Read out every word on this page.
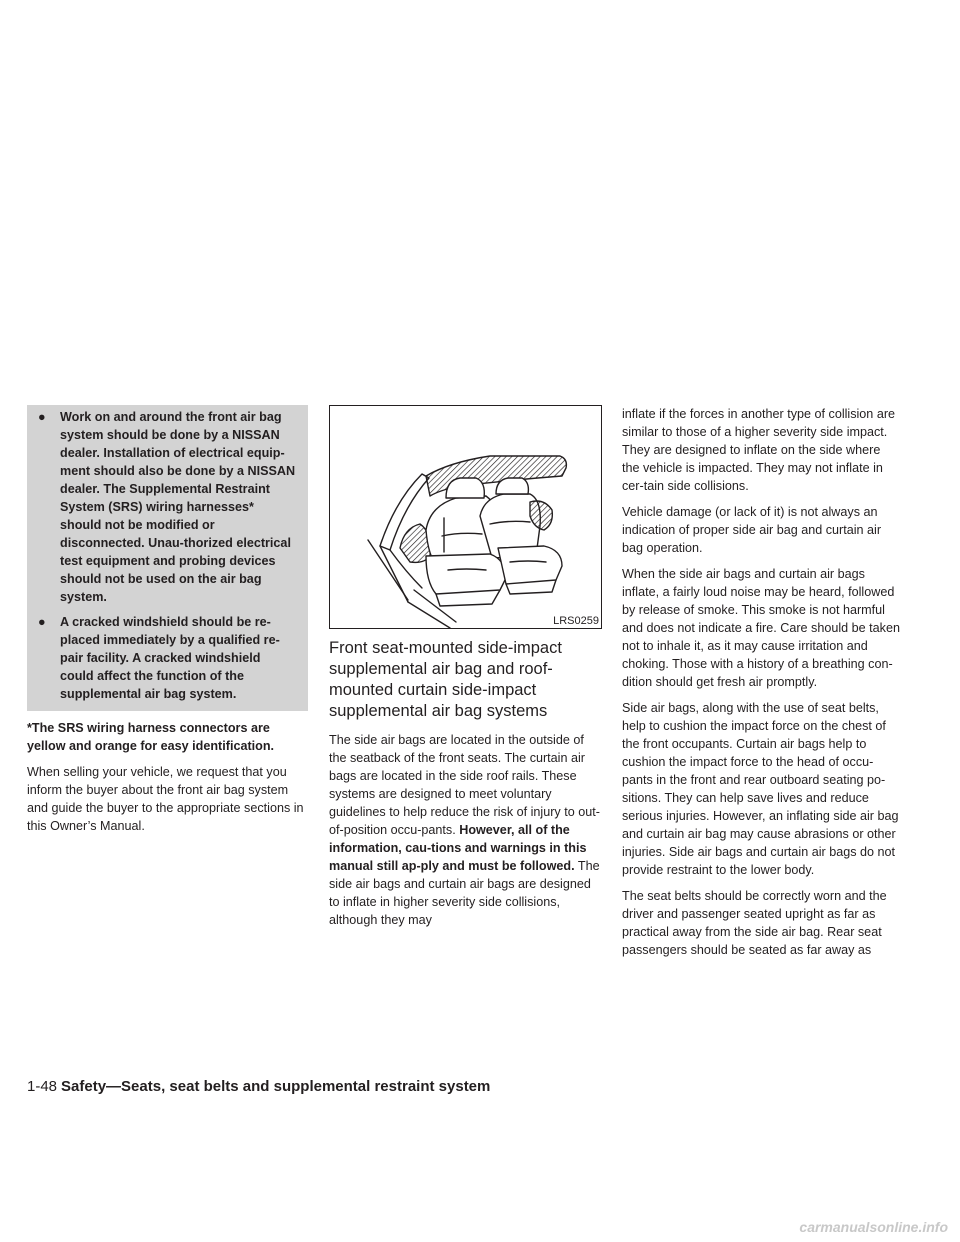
●	Work on and around the front air bag system should be done by a NISSAN dealer. Installation of electrical equip-ment should also be done by a NISSAN dealer. The Supplemental Restraint System (SRS) wiring harnesses* should not be modified or disconnected. Unau-thorized electrical test equipment and probing devices should not be used on the air bag system.
●	A cracked windshield should be re-placed immediately by a qualified re-pair facility. A cracked windshield could affect the function of the supplemental air bag system.

*The SRS wiring harness connectors are yellow and orange for easy identification.

When selling your vehicle, we request that you inform the buyer about the front air bag system and guide the buyer to the appropriate sections in this Owner’s Manual.

LRS0259
Front seat-mounted side-impact supplemental air bag and roof-mounted curtain side-impact supplemental air bag systems

The side air bags are located in the outside of the seatback of the front seats. The curtain air bags are located in the side roof rails. These systems are designed to meet voluntary guidelines to help reduce the risk of injury to out-of-position occu-pants. However, all of the information, cau-tions and warnings in this manual still ap-ply and must be followed. The side air bags and curtain air bags are designed to inflate in higher severity side collisions, although they may

inflate if the forces in another type of collision are similar to those of a higher severity side impact. They are designed to inflate on the side where the vehicle is impacted. They may not inflate in cer-tain side collisions.

Vehicle damage (or lack of it) is not always an indication of proper side air bag and curtain air bag operation.

When the side air bags and curtain air bags inflate, a fairly loud noise may be heard, followed by release of smoke. This smoke is not harmful and does not indicate a fire. Care should be taken not to inhale it, as it may cause irritation and choking. Those with a history of a breathing con-dition should get fresh air promptly.

Side air bags, along with the use of seat belts, help to cushion the impact force on the chest of the front occupants. Curtain air bags help to cushion the impact force to the head of occu-pants in the front and rear outboard seating po-sitions. They can help save lives and reduce serious injuries. However, an inflating side air bag and curtain air bag may cause abrasions or other injuries. Side air bags and curtain air bags do not provide restraint to the lower body.

The seat belts should be correctly worn and the driver and passenger seated upright as far as practical away from the side air bag. Rear seat passengers should be seated as far away as

1-48 Safety—Seats, seat belts and supplemental restraint system
carmanualsonline.info
